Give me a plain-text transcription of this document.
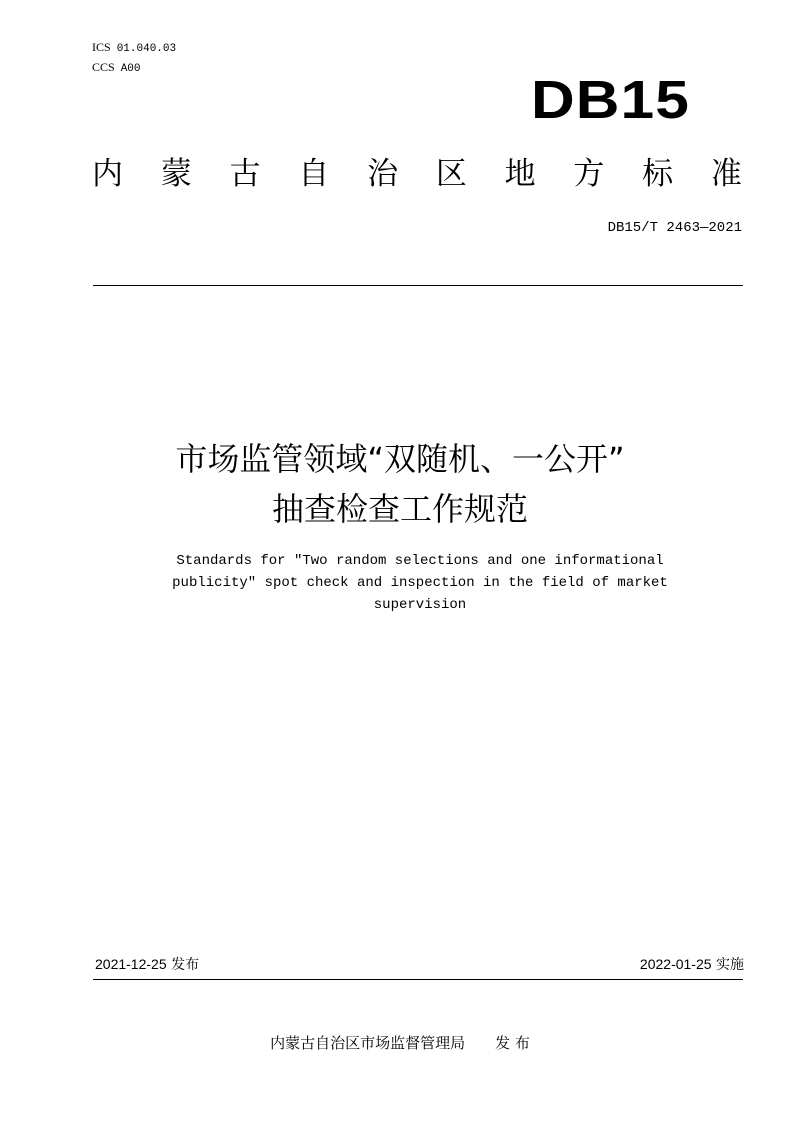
ICS 01.040.03
CCS A00
DB15
内 蒙 古 自 治 区 地 方 标 准
DB15/T 2463—2021
市场监管领域“双随机、一公开”
抽查检查工作规范
Standards for ″Two random selections and one informational
publicity″ spot check and inspection in the field of market
supervision
2021-12-25 发布	2022-01-25 实施
内蒙古自治区市场监督管理局 发 布
